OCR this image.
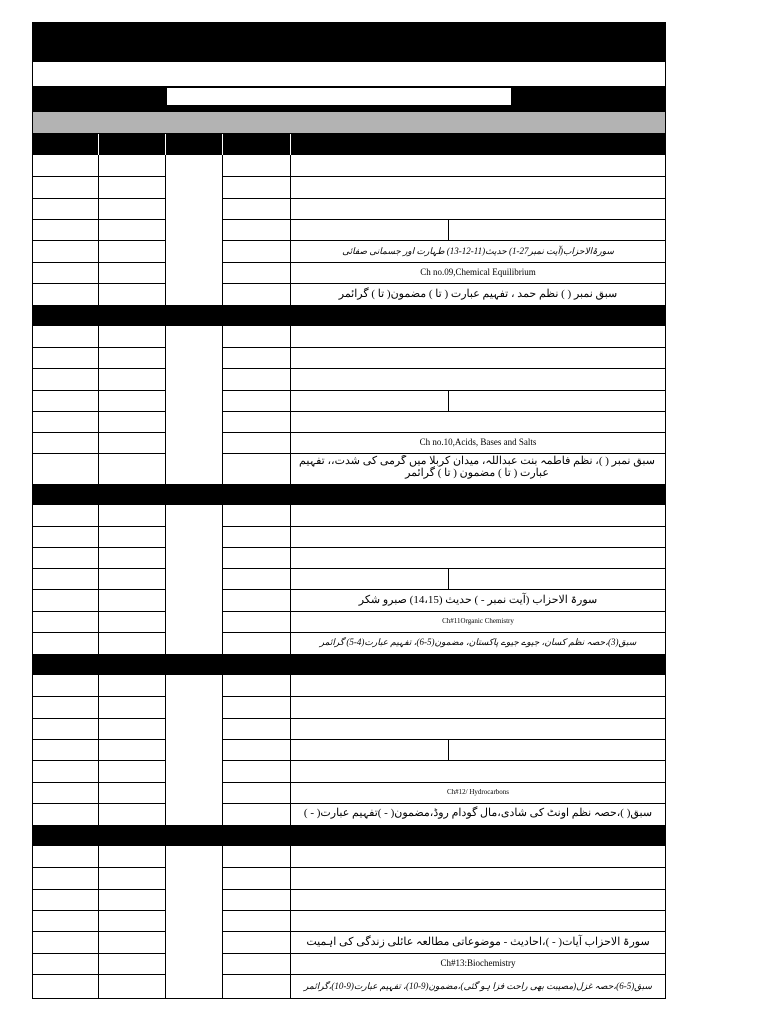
سورۃالاحزاب(آیت نمبر27-1) حدیث(11-12-13) طہارت اور جسمانی صفائی
Ch no.09,Chemical Equilibrium
سبق نمبر ( ) نظم حمد ، تفہیم عبارت ( تا ) مضمون( تا ) گرائمر
Ch no.10,Acids, Bases and Salts
سبق نمبر ( )، نظم فاطمہ بنت عبداللہ، میدان کربلا میں گرمی کی شدت،، تفہیم عبارت ( تا ) مضمون ( تا ) گرائمر
سورۃ الاحزاب (آیت نمبر - ) حدیث (14،15) صبرو شکر
Ch#11Organic Chemistry
سبق(3)،حصہ نظم کسان، جیوے جیوے پاکستان، مضمون(5-6)، تفہیم عبارت(4-5) گرائمر
Ch#12/ Hydrocarbons
سبق( )،حصہ نظم اونٹ کی شادی،مال گودام روڈ،مضمون( - )تفہیم عبارت( - )
سورۃ الاحزاب آیات( - )،احادیث - موضوعاتی مطالعہ عائلی زندگی کی اہمیت
Ch#13:Biochemistry
سبق(5-6)،حصہ غزل(مصیبت بھی راحت فزا ہو گئی)،مضمون(9-10)، تفہیم عبارت(9-10)،گرائمر
